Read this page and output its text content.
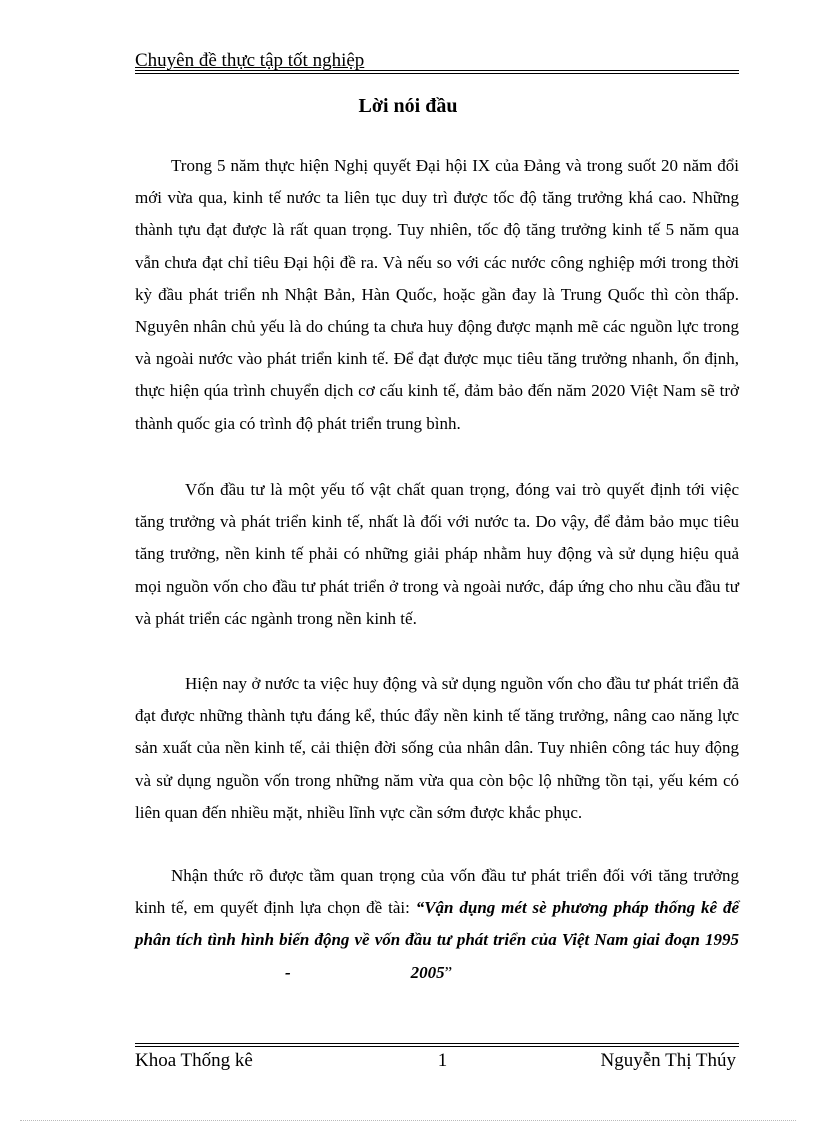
Chuyên đề thực tập tốt nghiệp
Lời nói đầu

Trong 5 năm thực hiện Nghị quyết Đại hội IX của Đảng và trong suốt 20 năm đổi mới vừa qua, kinh tế nước ta liên tục duy trì được tốc độ tăng trưởng khá cao. Những thành tựu đạt được là rất quan trọng. Tuy nhiên, tốc độ tăng trưởng kinh tế 5 năm qua vẫn chưa đạt chỉ tiêu Đại hội đề ra. Và nếu so với các nước công nghiệp mới trong thời kỳ đầu phát triển nh Nhật Bản, Hàn Quốc, hoặc gần đay là Trung Quốc thì còn thấp. Nguyên nhân chủ yếu là do chúng ta chưa huy động được mạnh mẽ các nguồn lực trong và ngoài nước vào phát triển kinh tế. Để đạt được mục tiêu tăng trưởng nhanh, ổn định, thực hiện qúa trình chuyển dịch cơ cấu kinh tế, đảm bảo đến năm 2020 Việt Nam sẽ trở thành quốc gia có trình độ phát triển trung bình.

Vốn đầu tư là một yếu tố vật chất quan trọng, đóng vai trò quyết định tới việc tăng trưởng và phát triển kinh tế, nhất là đối với nước ta. Do vậy, để đảm bảo mục tiêu tăng trưởng, nền kinh tế phải có những giải pháp nhằm huy động và sử dụng hiệu quả mọi nguồn vốn cho đầu tư phát triển ở trong và ngoài nước, đáp ứng cho nhu cầu đầu tư và phát triển các ngành trong nền kinh tế.

Hiện nay ở nước ta việc huy động và sử dụng nguồn vốn cho đầu tư phát triển đã đạt được những thành tựu đáng kể, thúc đẩy nền kinh tế tăng trưởng, nâng cao năng lực sản xuất của nền kinh tế, cải thiện đời sống của nhân dân. Tuy nhiên công tác huy động và sử dụng nguồn vốn trong những năm vừa qua còn bộc lộ những tồn tại, yếu kém có liên quan đến nhiều mặt, nhiều lĩnh vực cần sớm được khắc phục.

Nhận thức rõ được tầm quan trọng của vốn đầu tư phát triển đối với tăng trưởng kinh tế, em quyết định lựa chọn đề tài: “Vận dụng mét sè phương pháp thống kê để phân tích tình hình biến động về vốn đầu tư phát triển của Việt Nam giai đoạn 1995-	2005”

Khoa Thống kê	1	Nguyễn Thị Thúy
